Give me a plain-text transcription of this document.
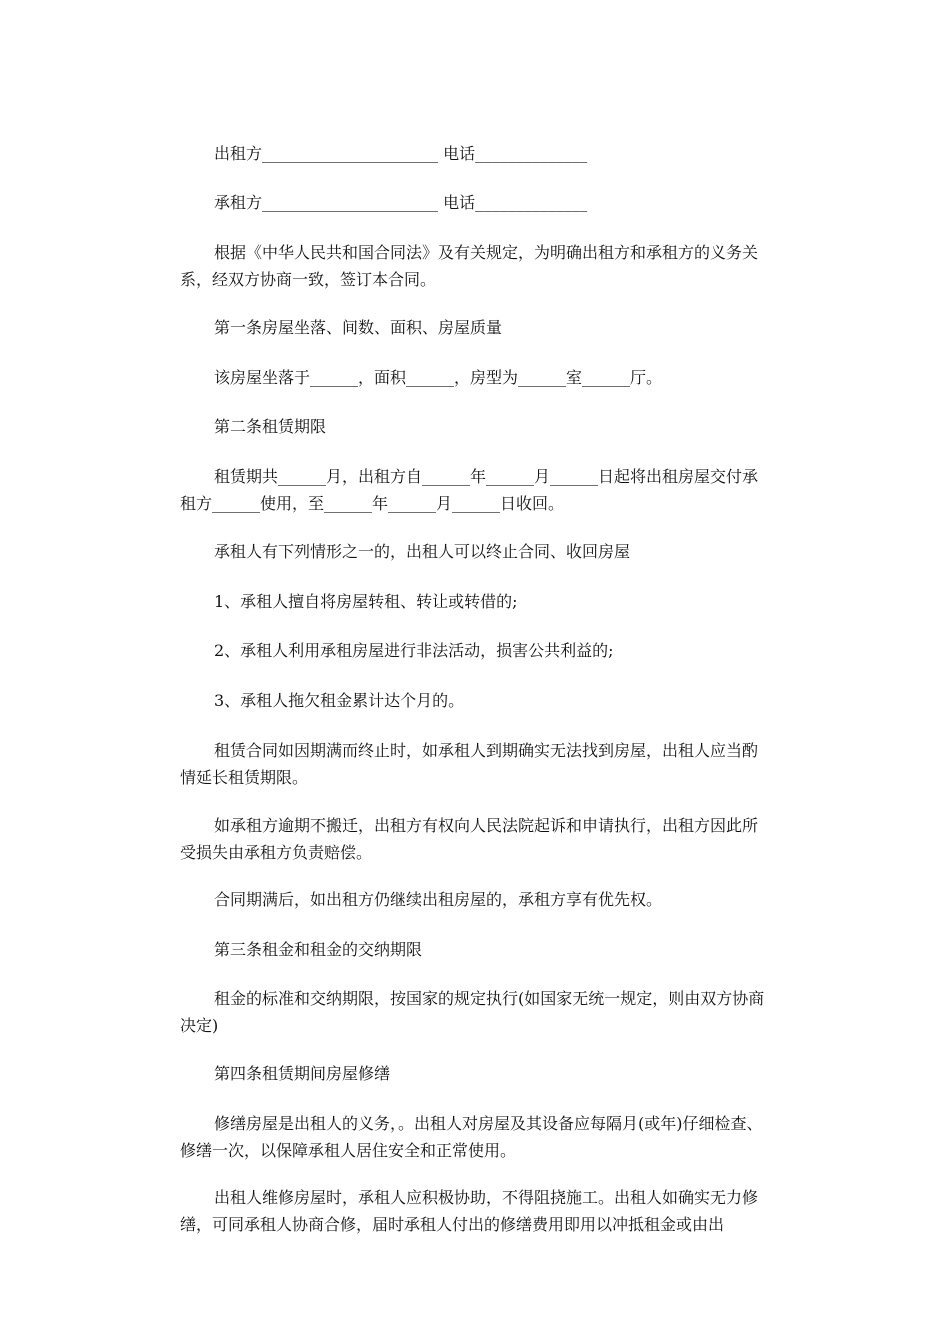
出租方______________________ 电话______________

承租方______________________ 电话______________

根据《中华人民共和国合同法》及有关规定，为明确出租方和承租方的义务关系，经双方协商一致，签订本合同。

第一条房屋坐落、间数、面积、房屋质量

该房屋坐落于______，面积______，房型为______室______厅。

第二条租赁期限

租赁期共______月，出租方自______年______月______日起将出租房屋交付承租方______使用，至______年______月______日收回。

承租人有下列情形之一的，出租人可以终止合同、收回房屋

1、承租人擅自将房屋转租、转让或转借的;

2、承租人利用承租房屋进行非法活动，损害公共利益的;

3、承租人拖欠租金累计达个月的。

租赁合同如因期满而终止时，如承租人到期确实无法找到房屋，出租人应当酌情延长租赁期限。

如承租方逾期不搬迁，出租方有权向人民法院起诉和申请执行，出租方因此所受损失由承租方负责赔偿。

合同期满后，如出租方仍继续出租房屋的，承租方享有优先权。

第三条租金和租金的交纳期限

租金的标准和交纳期限，按国家的规定执行(如国家无统一规定，则由双方协商决定)

第四条租赁期间房屋修缮

修缮房屋是出租人的义务，。出租人对房屋及其设备应每隔月(或年)仔细检查、修缮一次，以保障承租人居住安全和正常使用。

出租人维修房屋时，承租人应积极协助，不得阻挠施工。出租人如确实无力修缮，可同承租人协商合修，届时承租人付出的修缮费用即用以冲抵租金或由出
